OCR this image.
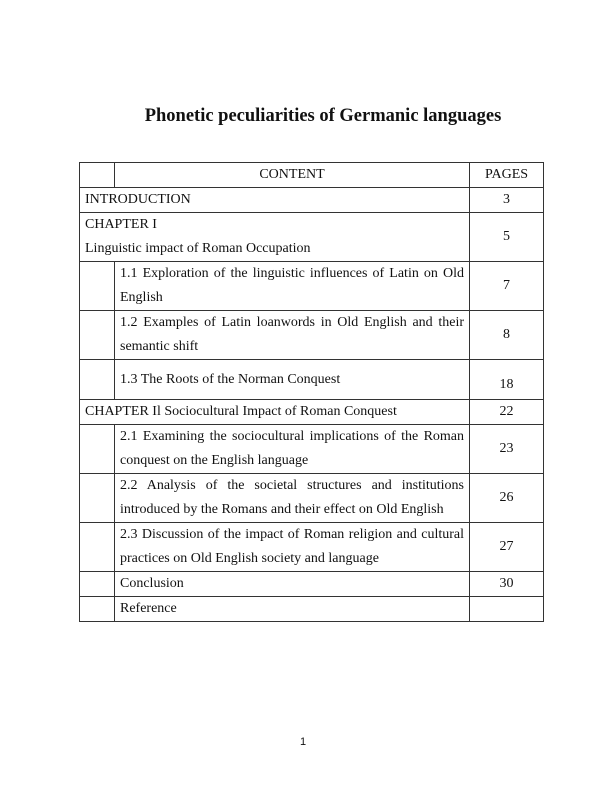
Phonetic peculiarities of Germanic languages
	CONTENT	PAGES
INTRODUCTION		3

CHAPTER I
Linguistic impact of Roman Occupation		5
	1.1 Exploration of the linguistic influences of Latin on Old English	7
	1.2 Examples of Latin loanwords in Old English and their semantic shift	8
	1.3 The Roots of the Norman Conquest	18
CHAPTER Il Sociocultural Impact of Roman Conquest		22
	2.1 Examining the sociocultural implications of the Roman conquest on the English language	23
	2.2 Analysis of the societal structures and institutions introduced by the Romans and their effect on Old English	26
	2.3 Discussion of the impact of Roman religion and cultural practices on Old English society and language	27
	Conclusion	30
	Reference	
1
